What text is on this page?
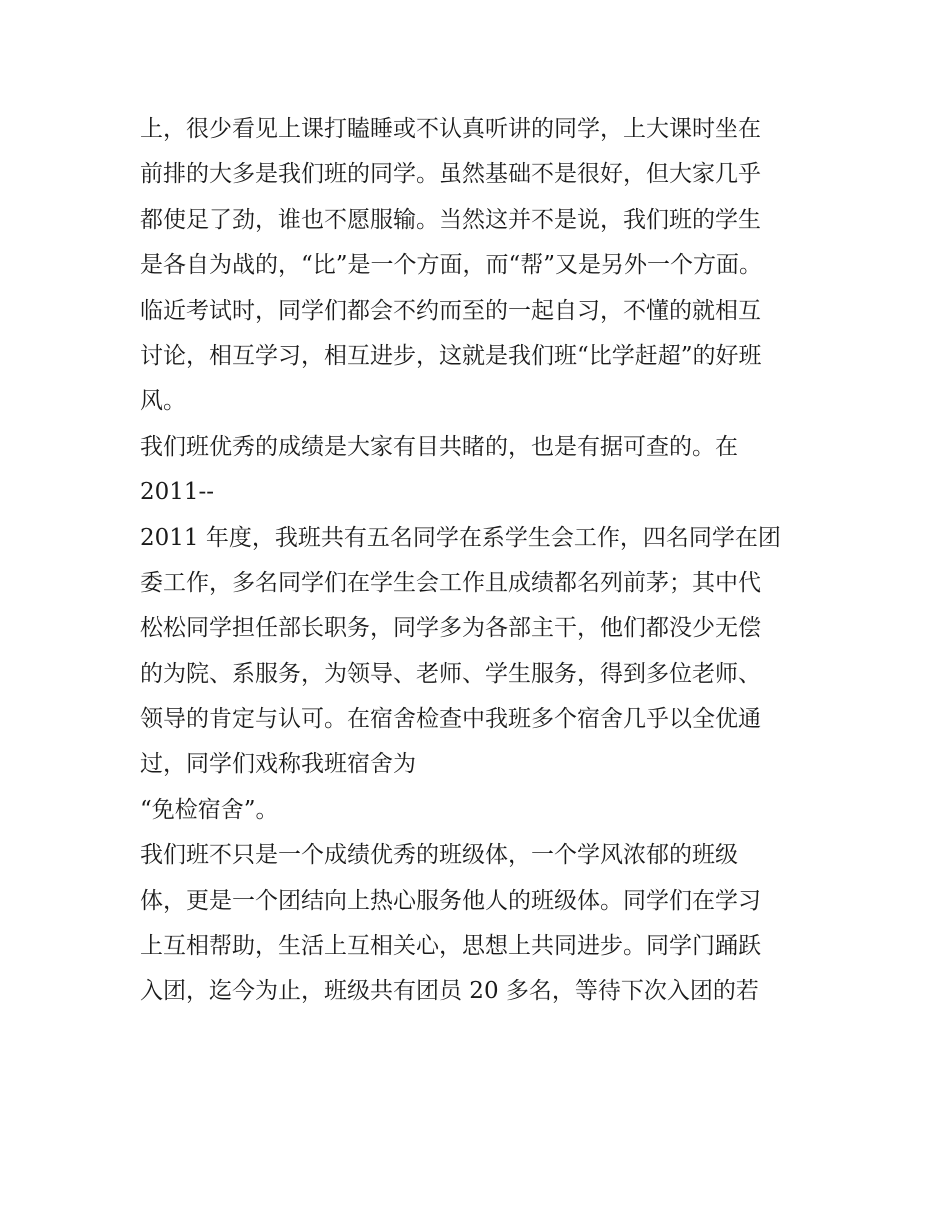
上，很少看见上课打瞌睡或不认真听讲的同学，上大课时坐在
前排的大多是我们班的同学。虽然基础不是很好，但大家几乎
都使足了劲，谁也不愿服输。当然这并不是说，我们班的学生
是各自为战的，“比”是一个方面，而“帮”又是另外一个方面。
临近考试时，同学们都会不约而至的一起自习，不懂的就相互
讨论，相互学习，相互进步，这就是我们班“比学赶超”的好班
风。
我们班优秀的成绩是大家有目共睹的，也是有据可查的。在
2011--
2011 年度，我班共有五名同学在系学生会工作，四名同学在团
委工作，多名同学们在学生会工作且成绩都名列前茅；其中代
松松同学担任部长职务，同学多为各部主干，他们都没少无偿
的为院、系服务，为领导、老师、学生服务，得到多位老师、
领导的肯定与认可。在宿舍检查中我班多个宿舍几乎以全优通
过，同学们戏称我班宿舍为
“免检宿舍”。
我们班不只是一个成绩优秀的班级体，一个学风浓郁的班级
体，更是一个团结向上热心服务他人的班级体。同学们在学习
上互相帮助，生活上互相关心，思想上共同进步。同学门踊跃
入团，迄今为止，班级共有团员 20 多名，等待下次入团的若
